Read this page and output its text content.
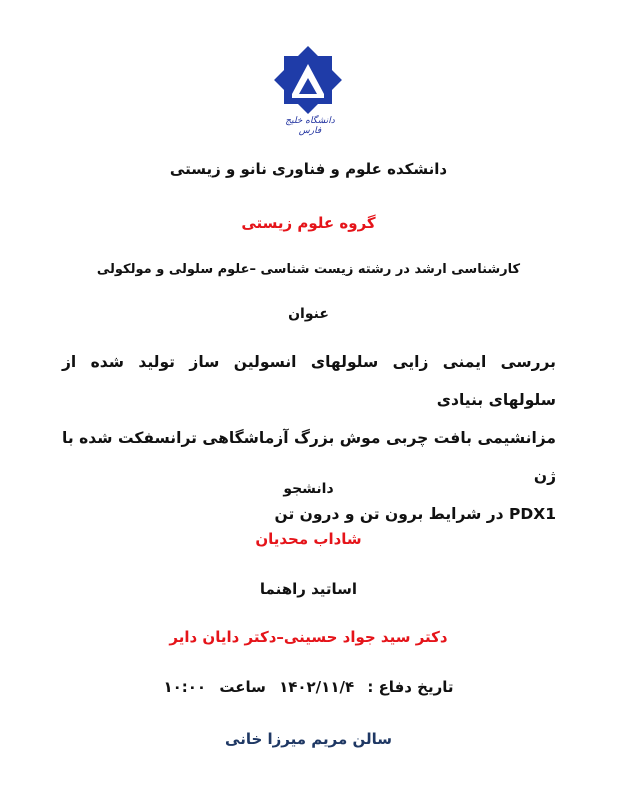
دانشگاه خلیج فارس
دانشکده علوم و فناوری نانو و زیستی
گروه علوم زیستی
کارشناسی ارشد در رشته زیست شناسی –علوم سلولی و مولکولی
عنوان
بررسی ایمنی زایی سلولهای انسولین ساز تولید شده از سلولهای بنیادی
مزانشیمی بافت چربی موش بزرگ آزماشگاهی ترانسفکت شده با ژن
PDX1 در شرایط برون تن و درون تن
دانشجو
شاداب محدیان
اساتید راهنما
دکتر سید جواد حسینی–دکتر دایان دایر
تاریخ دفاع : ۱۴۰۲/۱۱/۴ ساعت ۱۰:۰۰
سالن مریم میرزا خانی
